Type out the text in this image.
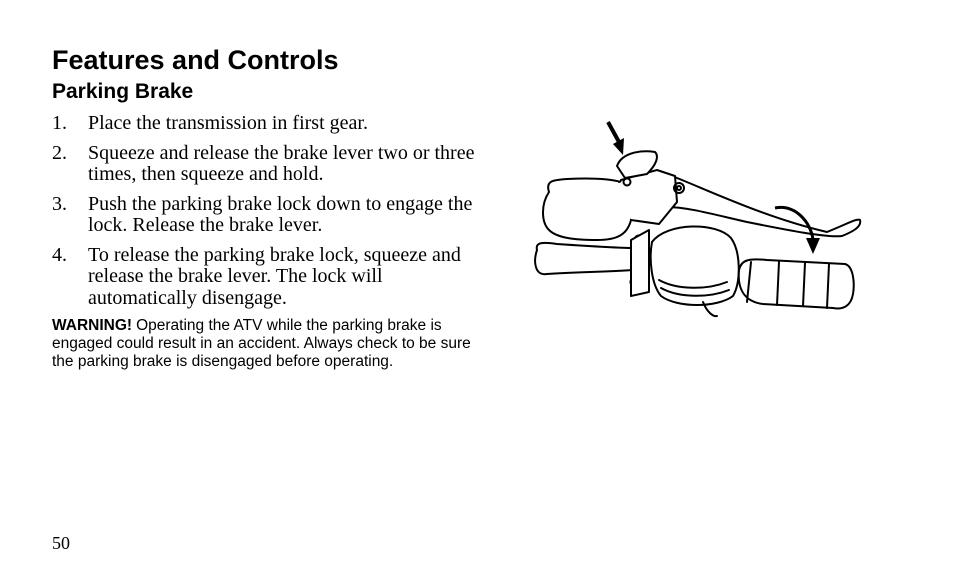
Features and Controls
Parking Brake
1.	Place the transmission in first gear.
2.	Squeeze and release the brake lever two or three times, then squeeze and hold.
3.	Push the parking brake lock down to engage the lock. Release the brake lever.
4.	To release the parking brake lock, squeeze and release the brake lever. The lock will automatically disengage.

WARNING! Operating the ATV while the parking brake is engaged could result in an accident. Always check to be sure the parking brake is disengaged before operating.

50
